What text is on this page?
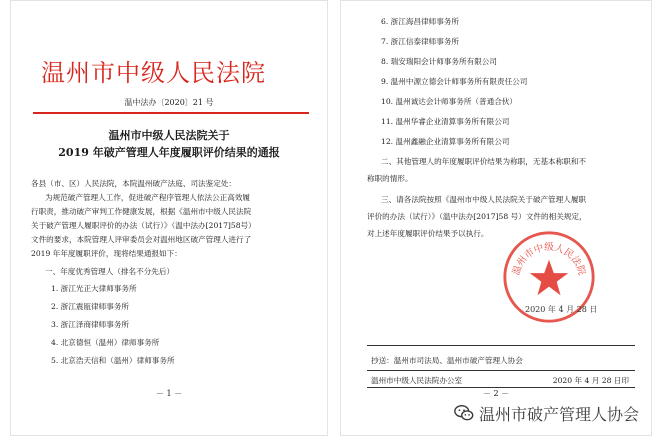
温州市中级人民法院
温中法办〔2020〕21 号
温州市中级人民法院关于
2019 年破产管理人年度履职评价结果的通报
各县（市、区）人民法院，本院温州破产法庭、司法鉴定处：
为规范破产管理人工作，促进破产程序管理人依法公正高效履
行职责，推动破产审判工作健康发展，根据《温州市中级人民法院
关于破产管理人履职评价的办法（试行）》（温中法办[2017]58号）
文件的要求，本院管理人评审委员会对温州地区破产管理人进行了
2019 年年度履职评价，现将结果通报如下：
一、年度优秀管理人（排名不分先后）
1. 浙江光正大律师事务所
2. 浙江震瓯律师事务所
3. 浙江泽商律师事务所
4. 北京德恒（温州）律师事务所
5. 北京浩天信和（温州）律师事务所
－ 1 －
6. 浙江海昌律师事务所
7. 浙江信泰律师事务所
8. 瑞安瑞阳会计师事务所有限公司
9. 温州中源立德会计师事务所有限责任公司
10. 温州诚达会计师事务所（普通合伙）
11. 温州华睿企业清算事务所有限公司
12. 温州鑫融企业清算事务所有限公司
二、其他管理人的年度履职评价结果为称职，无基本称职和不
称职的情形。
三、请各法院按照《温州市中级人民法院关于破产管理人履职
评价的办法（试行）》（温中法办[2017]58 号）文件的相关规定，
对上述年度履职评价结果予以执行。
温州市中级人民法院
2020 年 4 月 28 日
抄送：温州市司法局、温州市破产管理人协会
温州市中级人民法院办公室	2020 年 4 月 28 日印
－ 2 －
温州市破产管理人协会
